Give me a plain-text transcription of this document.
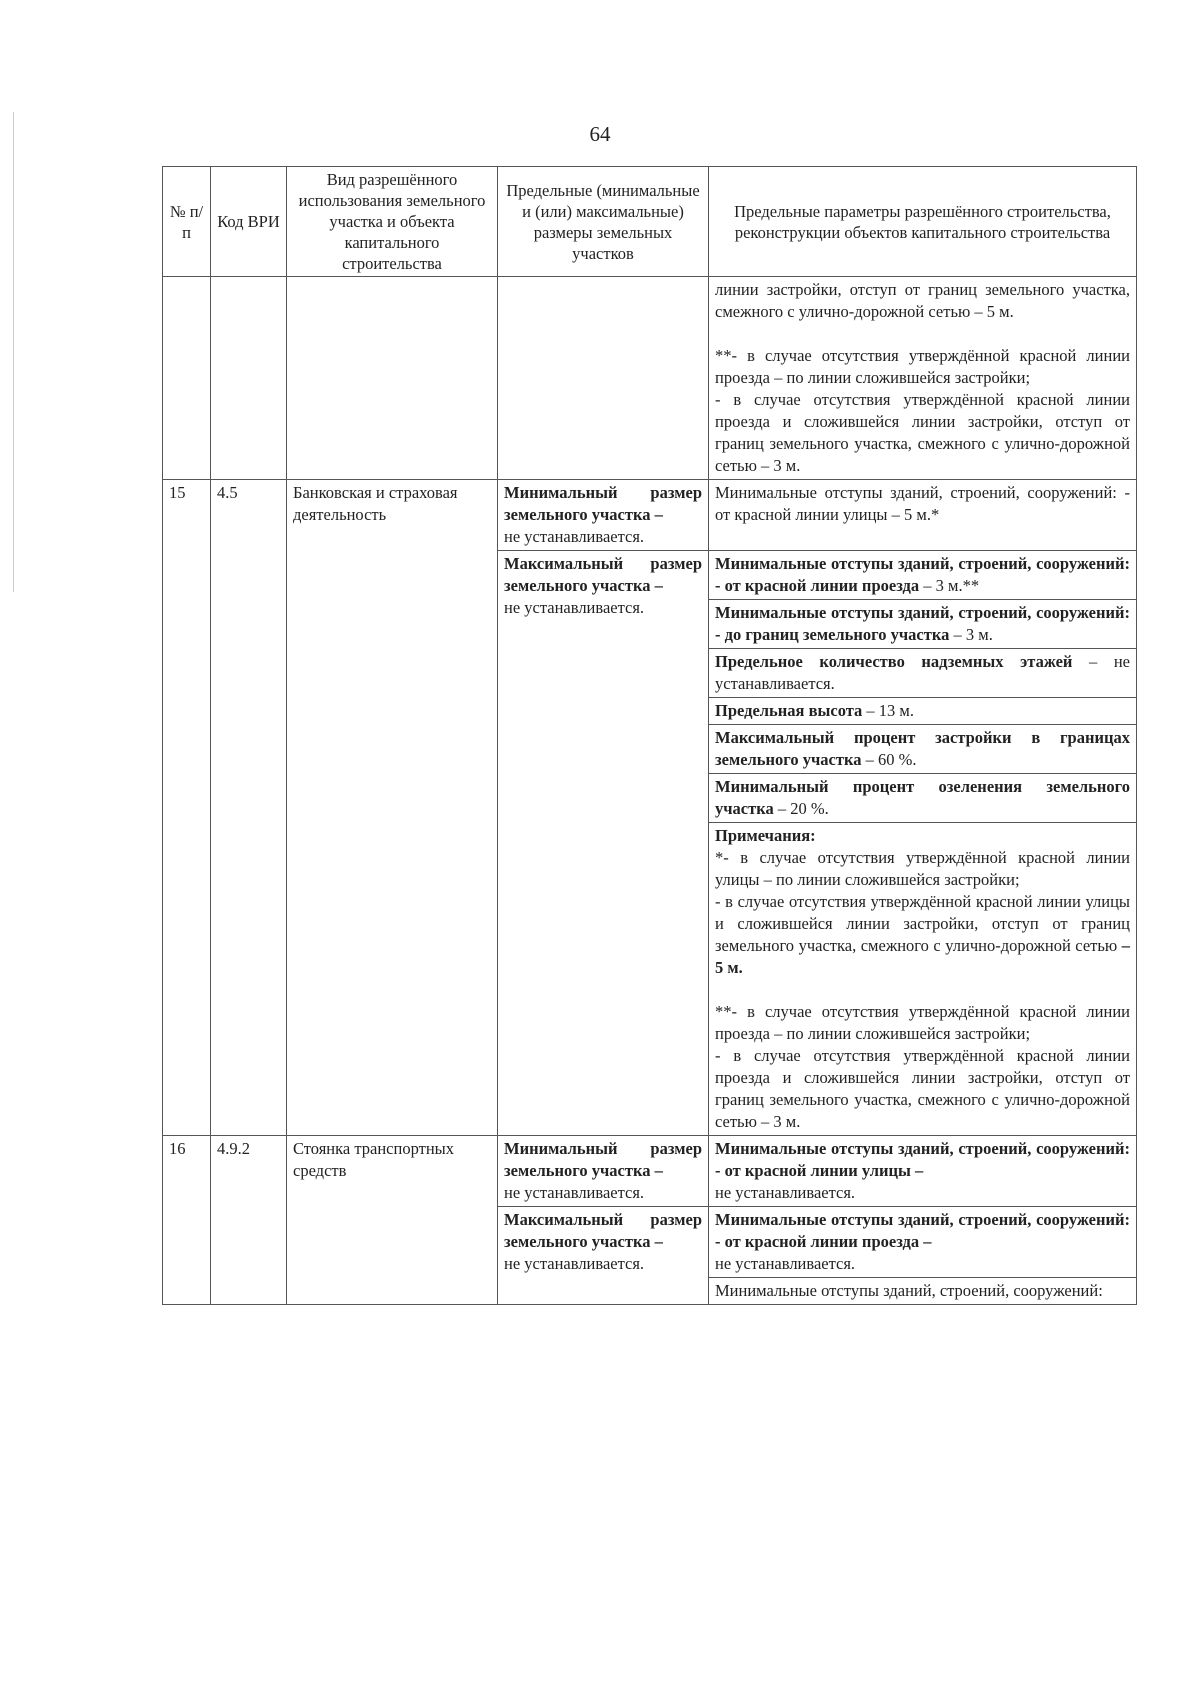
64
№ п/п	Код ВРИ	Вид разрешённого использования земельного участка и объекта капитального строительства	Предельные (минимальные и (или) максимальные) размеры земельных участков	Предельные параметры разрешённого строительства, реконструкции объектов капитального строительства

				линии застройки, отступ от границ земельного участка, смежного с улично-дорожной сетью – 5 м.
**- в случае отсутствия утверждённой красной линии проезда – по линии сложившейся застройки;
- в случае отсутствия утверждённой красной линии проезда и сложившейся линии застройки, отступ от границ земельного участка, смежного с улично-дорожной сетью – 3 м.

15	4.5	Банковская и страховая деятельность	Минимальный размер земельного участка –
не устанавливается.	Минимальные отступы зданий, строений, сооружений: - от красной линии улицы – 5 м.*
			Максимальный размер земельного участка –
не устанавливается.	Минимальные отступы зданий, строений, сооружений: - от красной линии проезда – 3 м.**
				Минимальные отступы зданий, строений, сооружений: - до границ земельного участка – 3 м.
				Предельное количество надземных этажей – не устанавливается.
				Предельная высота – 13 м.
				Максимальный процент застройки в границах земельного участка – 60 %.
				Минимальный процент озеленения земельного участка – 20 %.

				Примечания:
*- в случае отсутствия утверждённой красной линии улицы – по линии сложившейся застройки;
- в случае отсутствия утверждённой красной линии улицы и сложившейся линии застройки, отступ от границ земельного участка, смежного с улично-дорожной сетью – 5 м.
**- в случае отсутствия утверждённой красной линии проезда – по линии сложившейся застройки;
- в случае отсутствия утверждённой красной линии проезда и сложившейся линии застройки, отступ от границ земельного участка, смежного с улично-дорожной сетью – 3 м.

16	4.9.2	Стоянка транспортных средств	Минимальный размер земельного участка –
не устанавливается.	Минимальные отступы зданий, строений, сооружений: - от красной линии улицы –
не устанавливается.
			Максимальный размер земельного участка –
не устанавливается.	Минимальные отступы зданий, строений, сооружений: - от красной линии проезда –
не устанавливается.
				Минимальные отступы зданий, строений, сооружений:
